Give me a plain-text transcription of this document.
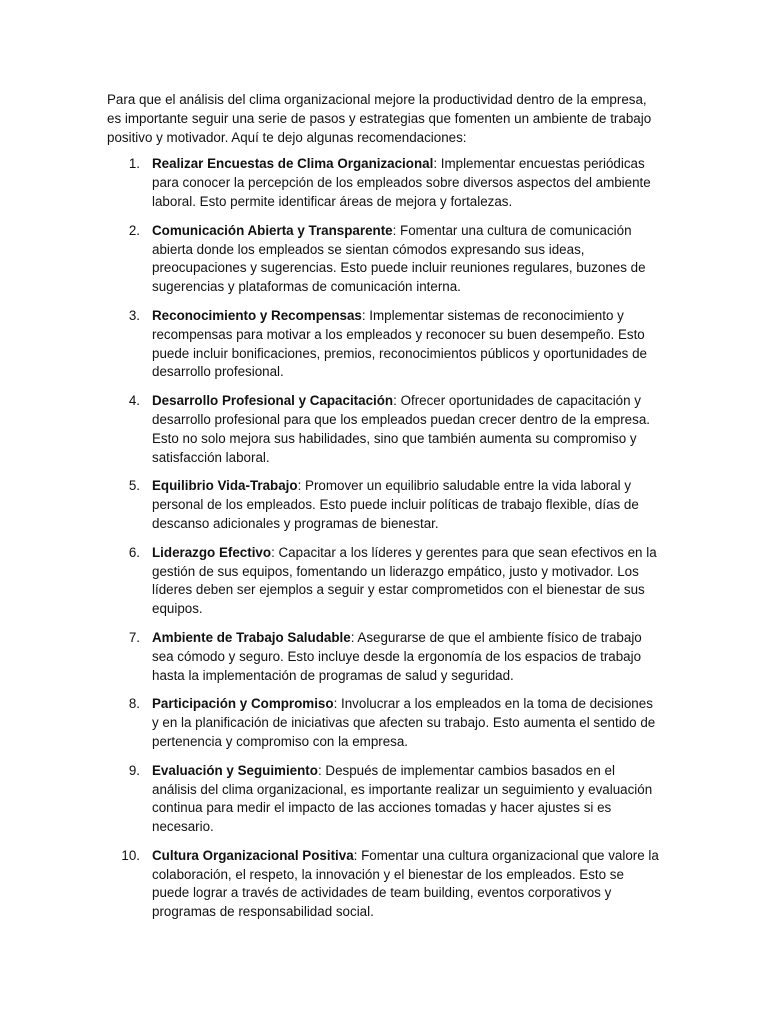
Para que el análisis del clima organizacional mejore la productividad dentro de la empresa, es importante seguir una serie de pasos y estrategias que fomenten un ambiente de trabajo positivo y motivador. Aquí te dejo algunas recomendaciones:

1. Realizar Encuestas de Clima Organizacional: Implementar encuestas periódicas para conocer la percepción de los empleados sobre diversos aspectos del ambiente laboral. Esto permite identificar áreas de mejora y fortalezas.
2. Comunicación Abierta y Transparente: Fomentar una cultura de comunicación abierta donde los empleados se sientan cómodos expresando sus ideas, preocupaciones y sugerencias. Esto puede incluir reuniones regulares, buzones de sugerencias y plataformas de comunicación interna.
3. Reconocimiento y Recompensas: Implementar sistemas de reconocimiento y recompensas para motivar a los empleados y reconocer su buen desempeño. Esto puede incluir bonificaciones, premios, reconocimientos públicos y oportunidades de desarrollo profesional.
4. Desarrollo Profesional y Capacitación: Ofrecer oportunidades de capacitación y desarrollo profesional para que los empleados puedan crecer dentro de la empresa. Esto no solo mejora sus habilidades, sino que también aumenta su compromiso y satisfacción laboral.
5. Equilibrio Vida-Trabajo: Promover un equilibrio saludable entre la vida laboral y personal de los empleados. Esto puede incluir políticas de trabajo flexible, días de descanso adicionales y programas de bienestar.
6. Liderazgo Efectivo: Capacitar a los líderes y gerentes para que sean efectivos en la gestión de sus equipos, fomentando un liderazgo empático, justo y motivador. Los líderes deben ser ejemplos a seguir y estar comprometidos con el bienestar de sus equipos.
7. Ambiente de Trabajo Saludable: Asegurarse de que el ambiente físico de trabajo sea cómodo y seguro. Esto incluye desde la ergonomía de los espacios de trabajo hasta la implementación de programas de salud y seguridad.
8. Participación y Compromiso: Involucrar a los empleados en la toma de decisiones y en la planificación de iniciativas que afecten su trabajo. Esto aumenta el sentido de pertenencia y compromiso con la empresa.
9. Evaluación y Seguimiento: Después de implementar cambios basados en el análisis del clima organizacional, es importante realizar un seguimiento y evaluación continua para medir el impacto de las acciones tomadas y hacer ajustes si es necesario.
10. Cultura Organizacional Positiva: Fomentar una cultura organizacional que valore la colaboración, el respeto, la innovación y el bienestar de los empleados. Esto se puede lograr a través de actividades de team building, eventos corporativos y programas de responsabilidad social.
